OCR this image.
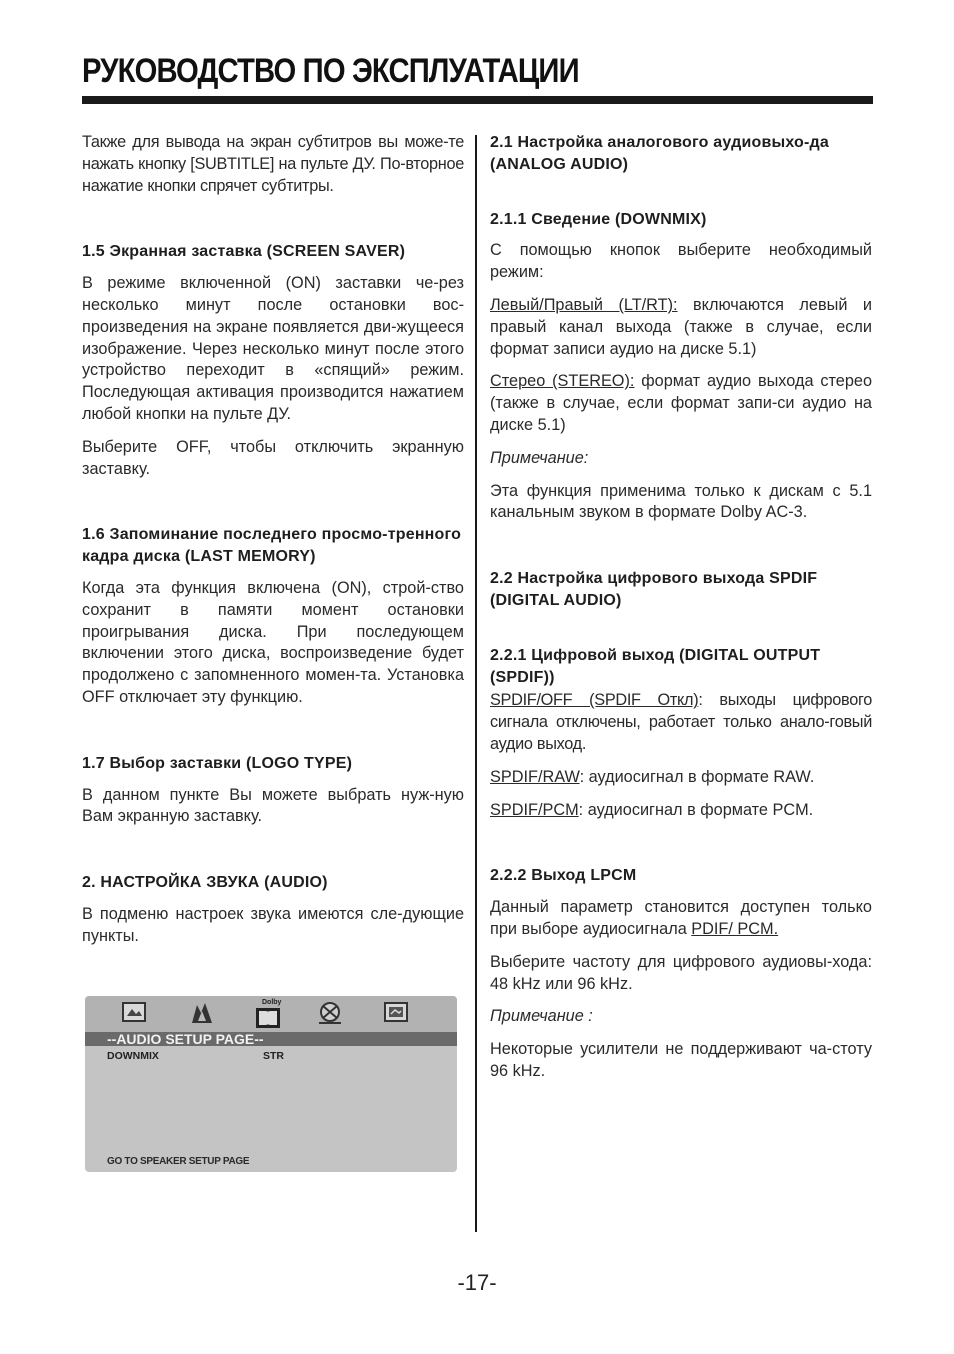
РУКОВОДСТВО ПО ЭКСПЛУАТАЦИИ

Также для вывода на экран субтитров вы може-те нажать кнопку [SUBTITLE] на пульте ДУ. По-вторное нажатие кнопки спрячет субтитры.

1.5 Экранная заставка (SCREEN SAVER)

В режиме включенной (ON) заставки че-рез несколько минут после остановки вос-произведения на экране появляется дви-жущееся изображение. Через несколько минут после этого устройство переходит в «спящий» режим. Последующая активация производится нажатием любой кнопки на пульте ДУ.

Выберите OFF, чтобы отключить экранную заставку.

1.6 Запоминание последнего просмо-тренного кадра диска (LAST MEMORY)

Когда эта функция включена (ON), строй-ство сохранит в памяти момент остановки проигрывания диска. При последующем включении этого диска, воспроизведение будет продолжено с запомненного момен-та. Установка OFF отключает эту функцию.

1.7 Выбор заставки (LOGO TYPE)

В данном пункте Вы можете выбрать нуж-ную Вам экранную заставку.

2. НАСТРОЙКА ЗВУКА (AUDIO)

В подменю настроек звука имеются сле-дующие пункты.

Dolby
--AUDIO SETUP PAGE--
DOWNMIX	STR
GO TO SPEAKER SETUP PAGE
2.1 Настройка аналогового аудиовыхо-да (ANALOG AUDIO)
2.1.1 Сведение (DOWNMIX)

С помощью кнопок выберите необходимый режим:

Левый/Правый (LT/RT): включаются левый и правый канал выхода (также в случае, если формат записи аудио на диске 5.1)

Стерео (STEREO): формат аудио выхода стерео (также в случае, если формат запи-си аудио на диске 5.1)

Примечание:

Эта функция применима только к дискам с 5.1 канальным звуком в формате Dolby AC-3.

2.2 Настройка цифрового выхода SPDIF (DIGITAL AUDIO)
2.2.1 Цифровой выход (DIGITAL OUTPUT (SPDIF))

SPDIF/OFF (SPDIF Откл): выходы цифрового сигнала отключены, работает только анало-говый аудио выход.

SPDIF/RAW: аудиосигнал в формате RAW.

SPDIF/PCM: аудиосигнал в формате PCM.

2.2.2 Выход LPCM

Данный параметр становится доступен только при выборе аудиосигнала PDIF/ PCM.

Выберите частоту для цифрового аудиовы-хода: 48 kHz или 96 kHz.

Примечание :

Некоторые усилители не поддерживают ча-стоту 96 kHz.

-17-
